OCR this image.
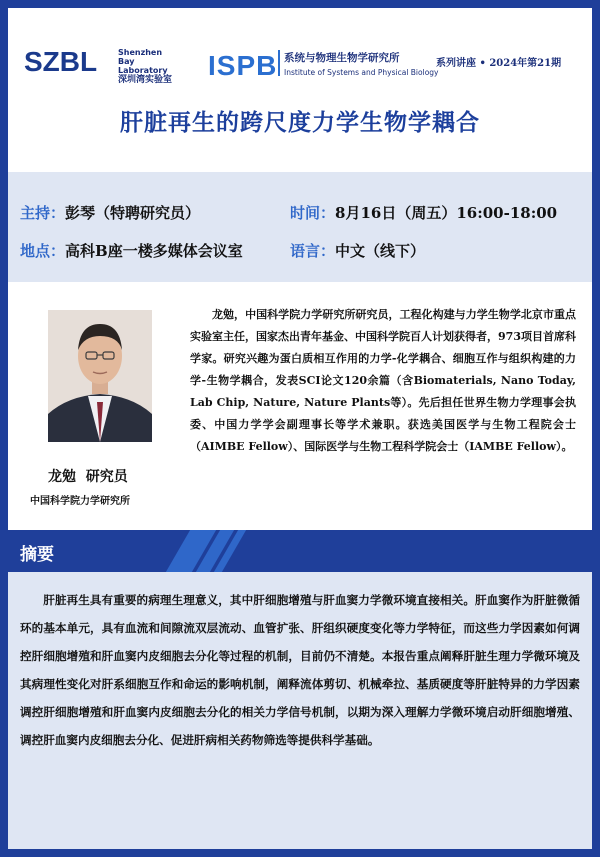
SZBL	Shenzhen Bay Laboratory
深圳湾实验室 ISPB 系统与物理生物学研究所
Institute of Systems and Physical Biology
系列讲座 • 2024年第21期
肝脏再生的跨尺度力学生物学耦合
主持：彭琴（特聘研究员）	时间：8月16日（周五）16:00-18:00
地点：高科B座一楼多媒体会议室	语言：中文（线下）
龙勉  研究员
中国科学院力学研究所
龙勉，中国科学院力学研究所研究员，工程化构建与力学生物学北京市重点实验室主任，国家杰出青年基金、中国科学院百人计划获得者，973项目首席科学家。研究兴趣为蛋白质相互作用的力学-化学耦合、细胞互作与组织构建的力学-生物学耦合，发表SCI论文120余篇（含Biomaterials, Nano Today, Lab Chip, Nature, Nature Plants等）。先后担任世界生物力学理事会执委、中国力学学会副理事长等学术兼职。获选美国医学与生物工程院会士（AIMBE Fellow）、国际医学与生物工程科学院会士（IAMBE Fellow）。
摘要
肝脏再生具有重要的病理生理意义，其中肝细胞增殖与肝血窦力学微环境直接相关。肝血窦作为肝脏微循环的基本单元，具有血流和间隙流双层流动、血管扩张、肝组织硬度变化等力学特征，而这些力学因素如何调控肝细胞增殖和肝血窦内皮细胞去分化等过程的机制，目前仍不清楚。本报告重点阐释肝脏生理力学微环境及其病理性变化对肝系细胞互作和命运的影响机制，阐释流体剪切、机械牵拉、基质硬度等肝脏特异的力学因素调控肝细胞增殖和肝血窦内皮细胞去分化的相关力学信号机制，以期为深入理解力学微环境启动肝细胞增殖、调控肝血窦内皮细胞去分化、促进肝病相关药物筛选等提供科学基础。
